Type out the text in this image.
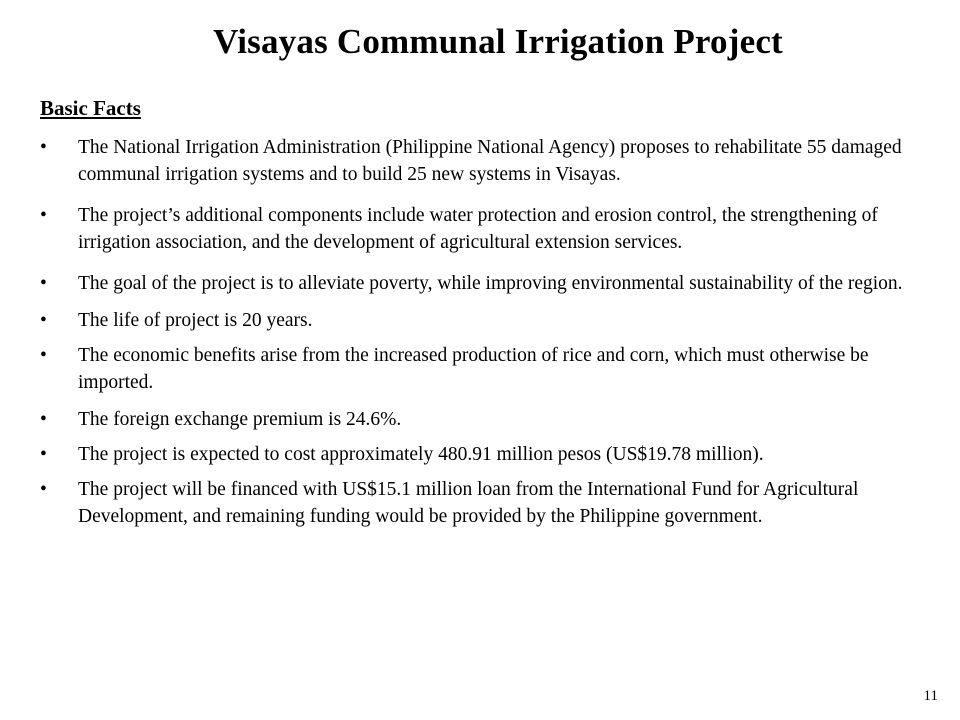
Visayas Communal Irrigation Project
Basic Facts
•	The National Irrigation Administration (Philippine National Agency) proposes to rehabilitate 55 damaged communal irrigation systems and to build 25 new systems in Visayas.
•	The project’s additional components include water protection and erosion control, the strengthening of irrigation association, and the development of agricultural extension services.
•	The goal of the project is to alleviate poverty, while improving environmental sustainability of the region.
•	The life of project is 20 years.
•	The economic benefits arise from the increased production of rice and corn, which must otherwise be imported.
•	The foreign exchange premium is 24.6%.
•	The project is expected to cost approximately 480.91 million pesos (US$19.78 million).
•	The project will be financed with US$15.1 million loan from the International Fund for Agricultural Development, and remaining funding would be provided by the Philippine government.
11
